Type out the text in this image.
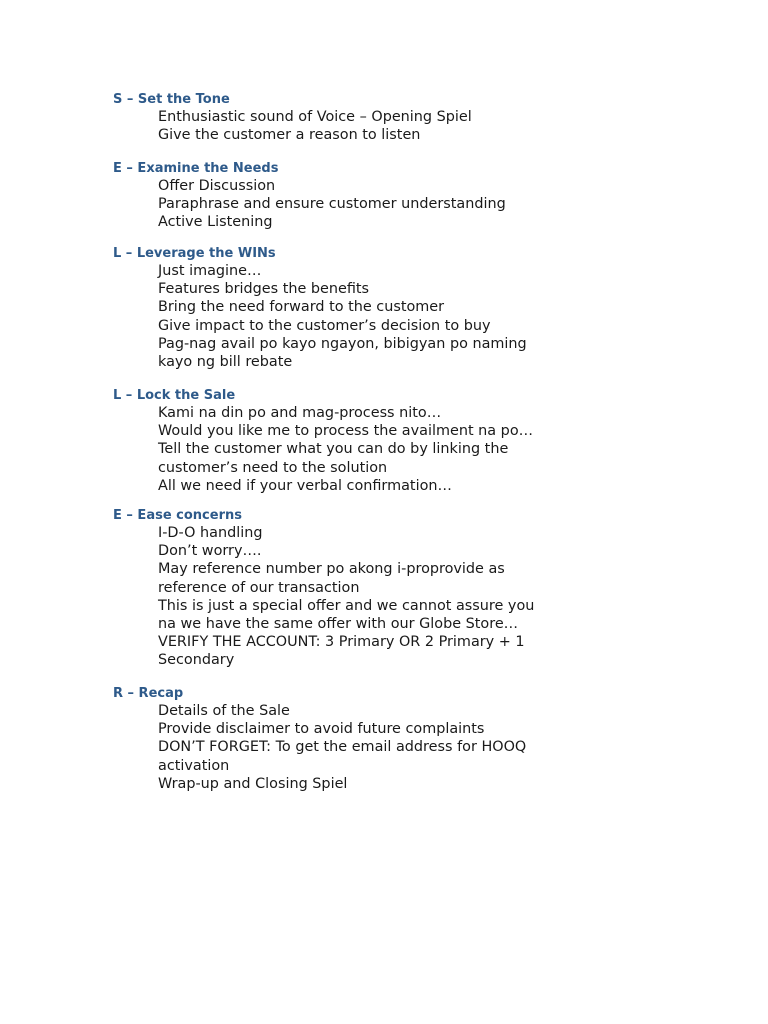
S – Set the Tone
Enthusiastic sound of Voice – Opening Spiel
Give the customer a reason to listen
E – Examine the Needs
Offer Discussion
Paraphrase and ensure customer understanding
Active Listening
L – Leverage the WINs
Just imagine…
Features bridges the benefits
Bring the need forward to the customer
Give impact to the customer’s decision to buy
Pag-nag avail po kayo ngayon, bibigyan po naming
kayo ng bill rebate
L – Lock the Sale
Kami na din po and mag-process nito…
Would you like me to process the availment na po…
Tell the customer what you can do by linking the
customer’s need to the solution
All we need if your verbal confirmation…
E – Ease concerns
I-D-O handling
Don’t worry….
May reference number po akong i-proprovide as
reference of our transaction
This is just a special offer and we cannot assure you
na we have the same offer with our Globe Store…
VERIFY THE ACCOUNT: 3 Primary OR 2 Primary + 1
Secondary
R – Recap
Details of the Sale
Provide disclaimer to avoid future complaints
DON’T FORGET: To get the email address for HOOQ
activation
Wrap-up and Closing Spiel
